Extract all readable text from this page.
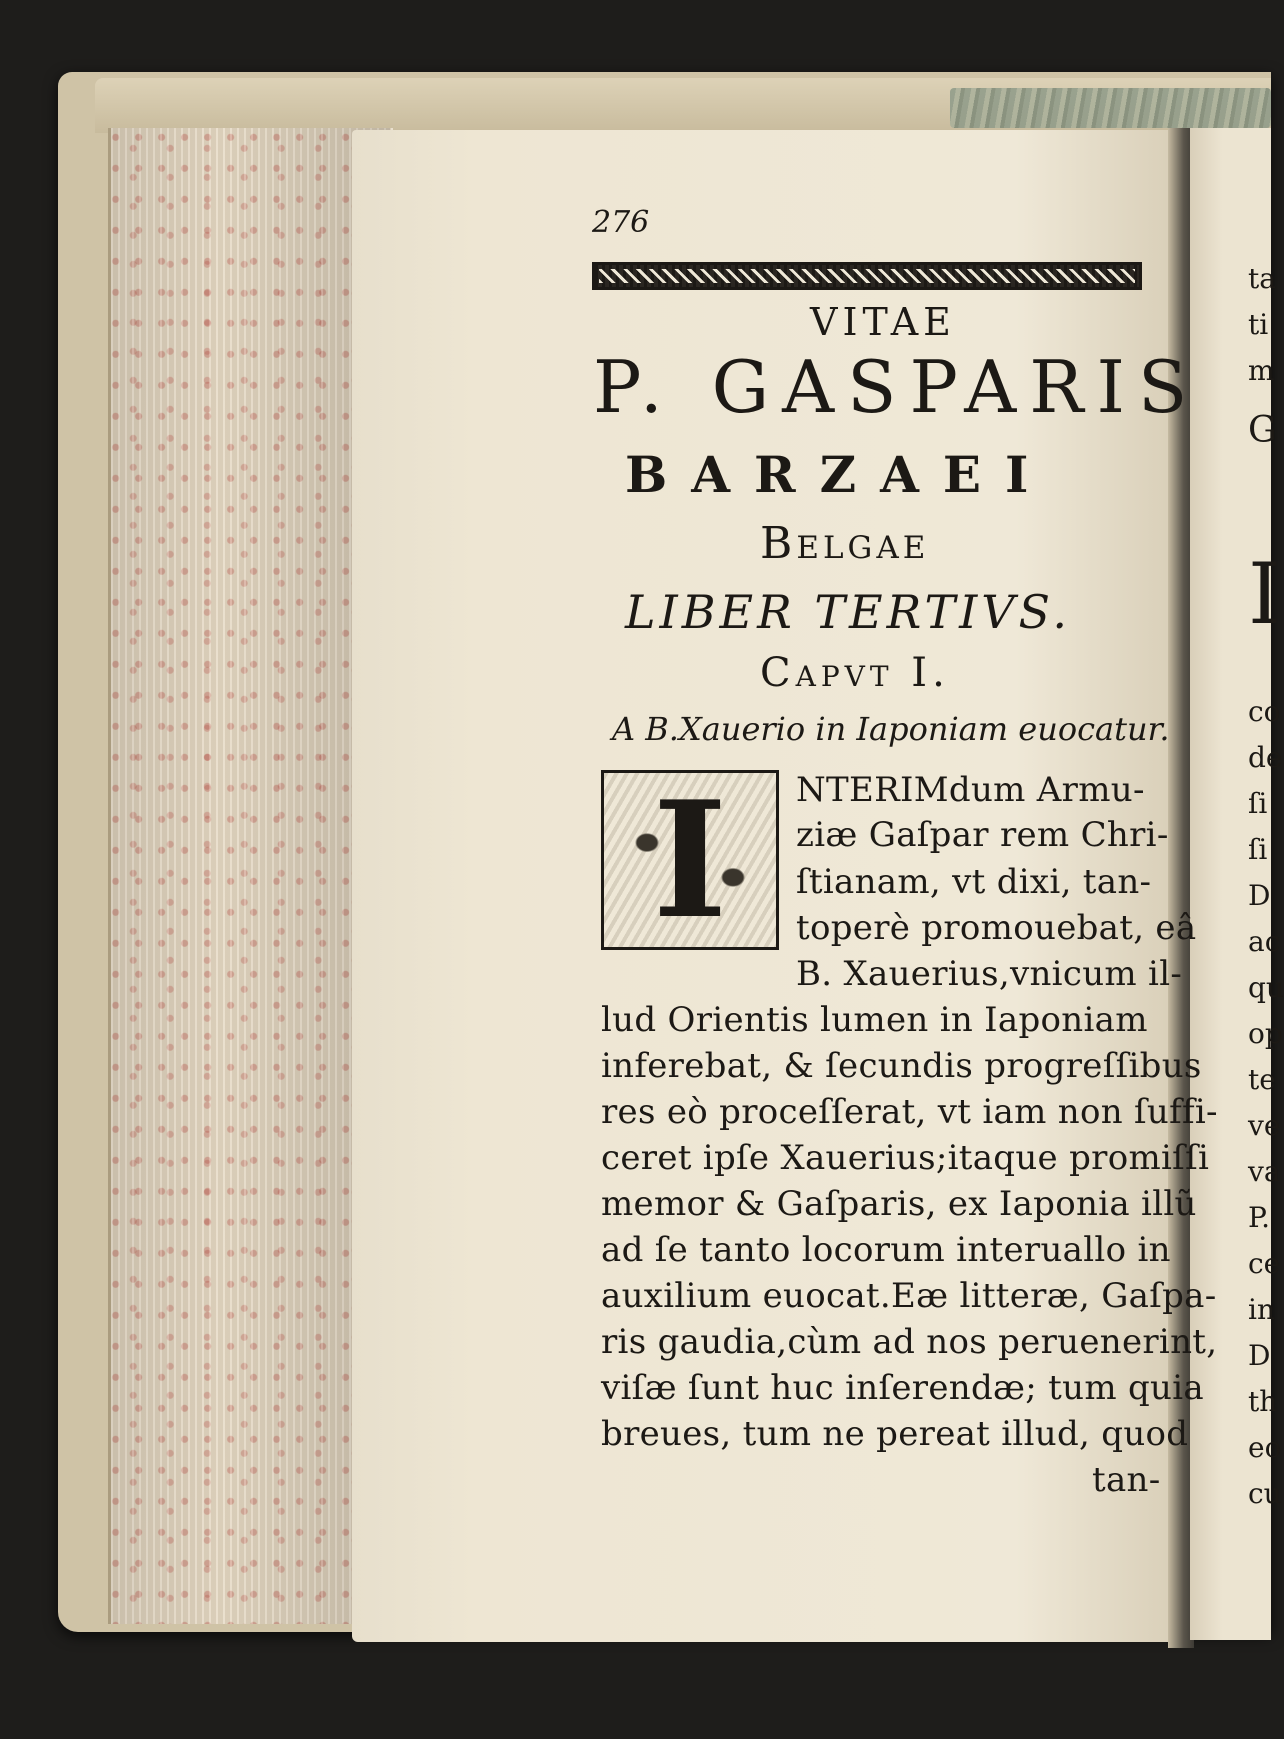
276
VITAE
P. GASPARIS
BARZAEI
Belgae
LIBER TERTIVS.
Capvt I.
A B.Xauerio in Iaponiam euocatur.
I NTERIMdum Armu-
ziæ Gaſpar rem Chri-
ſtianam, vt dixi, tan-
toperè promouebat, eâ
B. Xauerius,vnicum il-
lud Orientis lumen in Iaponiam
inferebat, & ſecundis progreſſibus
res eò proceſſerat, vt iam non ſuffi-
ceret ipſe Xauerius;itaque promiſſi
memor & Gaſparis, ex Iaponia illũ
ad ſe tanto locorum interuallo in
auxilium euocat.Eæ litteræ, Gaſpa-
ris gaudia,cùm ad nos peruenerint,
viſæ ſunt huc inſerendæ; tum quia
breues, tum ne pereat illud, quod
tan-
ta
ti
m
G
I
co
de
ſi
ſi
D
ac
qu
op
te
ve
va
P.
ce
in
D
th
eo
cu
